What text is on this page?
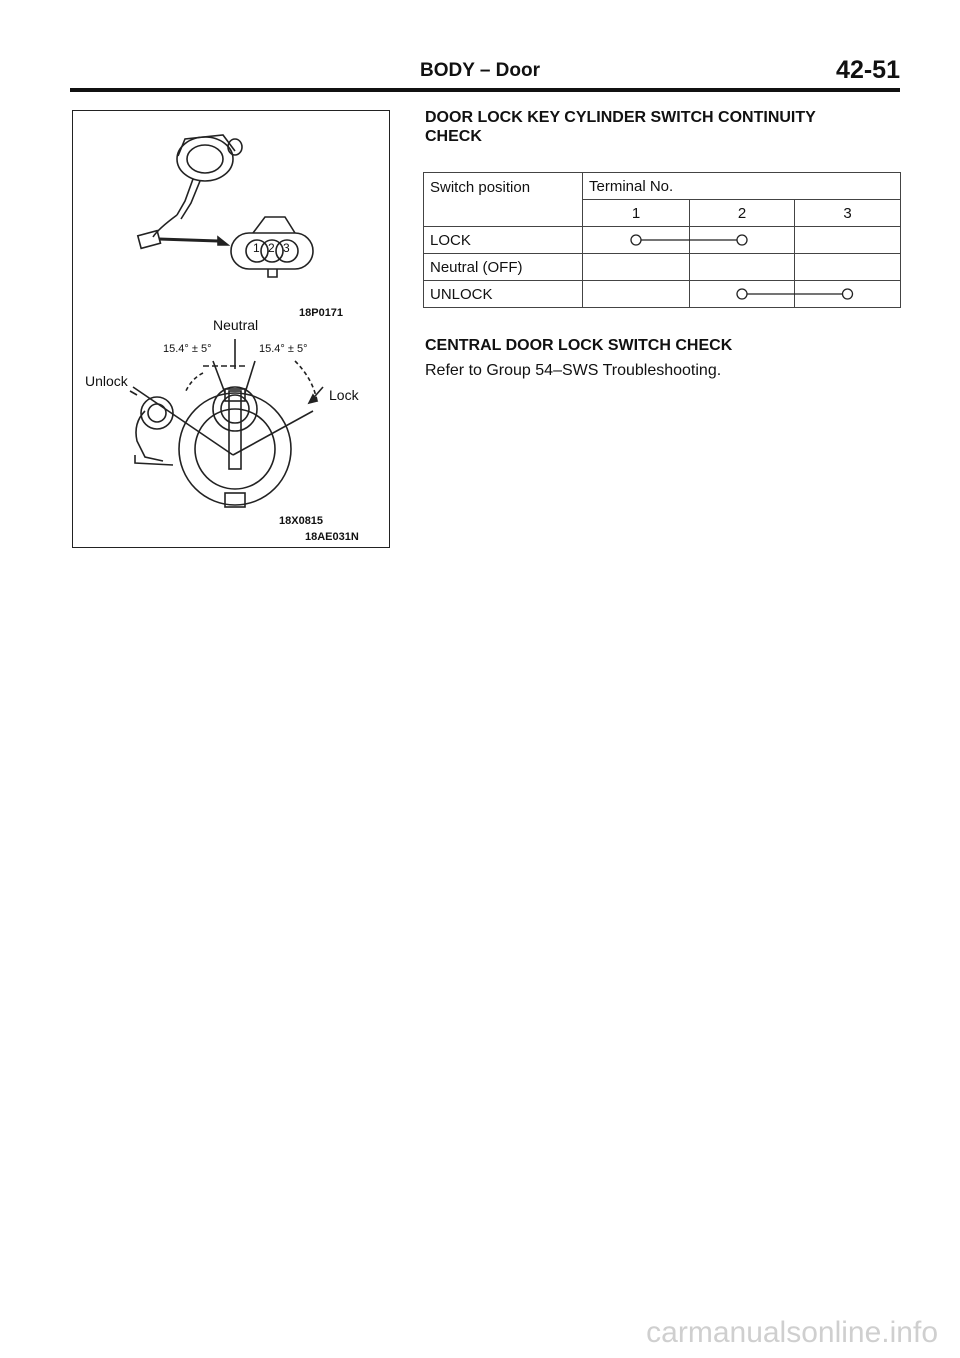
BODY – Door	42-51
18P0171
Neutral
15.4° ± 5°	15.4° ± 5°
Unlock
Lock
18X0815
18AE031N
1 2 3
DOOR LOCK KEY CYLINDER SWITCH CONTINUITY
CHECK
Switch position	Terminal No.		
	1	2	3
LOCK			
Neutral (OFF)			
UNLOCK			
CENTRAL DOOR LOCK SWITCH CHECK
Refer to Group 54–SWS Troubleshooting.
carmanualsonline.info
